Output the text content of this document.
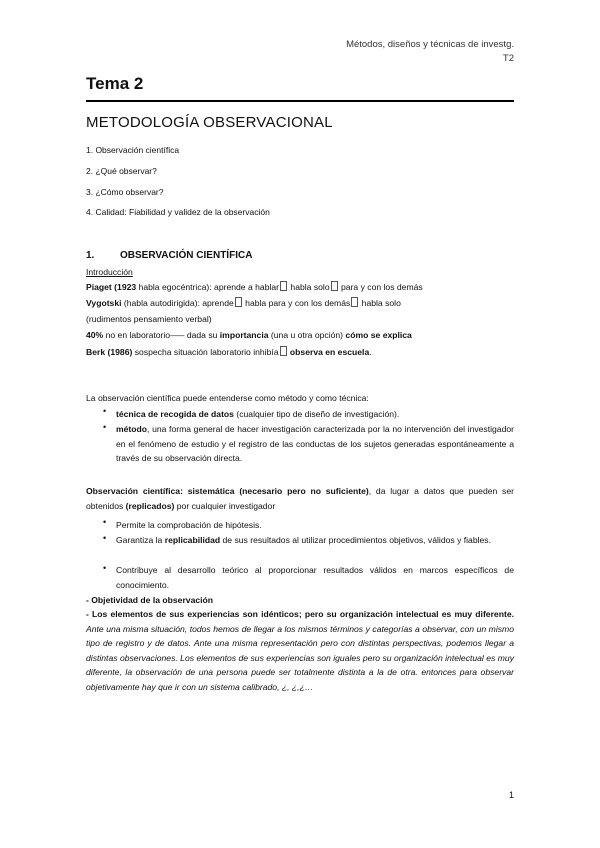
Métodos, diseños y técnicas de investg.
T2
Tema 2
METODOLOGÍA OBSERVACIONAL
1. Observación científica
2. ¿Qué observar?
3. ¿Cómo observar?
4. Calidad: Fiabilidad y validez de la observación
1.	OBSERVACIÓN CIENTÍFICA
Introducción
Piaget (1923 habla egocéntrica): aprende a hablar habla solo para y con los demás
Vygotski (habla autodirigida): aprende habla para y con los demás habla solo
(rudimentos pensamiento verbal)
40% no en laboratorio––– dada su importancia (una u otra opción) cómo se explica
Berk (1986) sospecha situación laboratorio inhibía observa en escuela.
La observación científica puede entenderse como método y como técnica:
• técnica de recogida de datos (cualquier tipo de diseño de investigación).
• método, una forma general de hacer investigación caracterizada por la no intervención del investigador en el fenómeno de estudio y el registro de las conductas de los sujetos generadas espontáneamente a través de su observación directa.
Observación científica: sistemática (necesario pero no suficiente), da lugar a datos que pueden ser obtenidos (replicados) por cualquier investigador
• Permite la comprobación de hipótesis.
• Garantiza la replicabilidad de sus resultados al utilizar procedimientos objetivos, válidos y fiables.
• Contribuye al desarrollo teórico al proporcionar resultados válidos en marcos específicos de conocimiento.
- Objetividad de la observación
- Los elementos de sus experiencias son idénticos; pero su organización intelectual es muy diferente. Ante una misma situación, todos hemos de llegar a los mismos términos y categorías a observar, con un mismo tipo de registro y de datos. Ante una misma representación pero con distintas perspectivas, podemos llegar a distintas observaciones. Los elementos de sus experiencias son iguales pero su organización intelectual es muy diferente, la observación de una persona puede ser totalmente distinta a la de otra. entonces para observar objetivamente hay que ir con un sistema calibrado, ¿, ¿,¿…
1
